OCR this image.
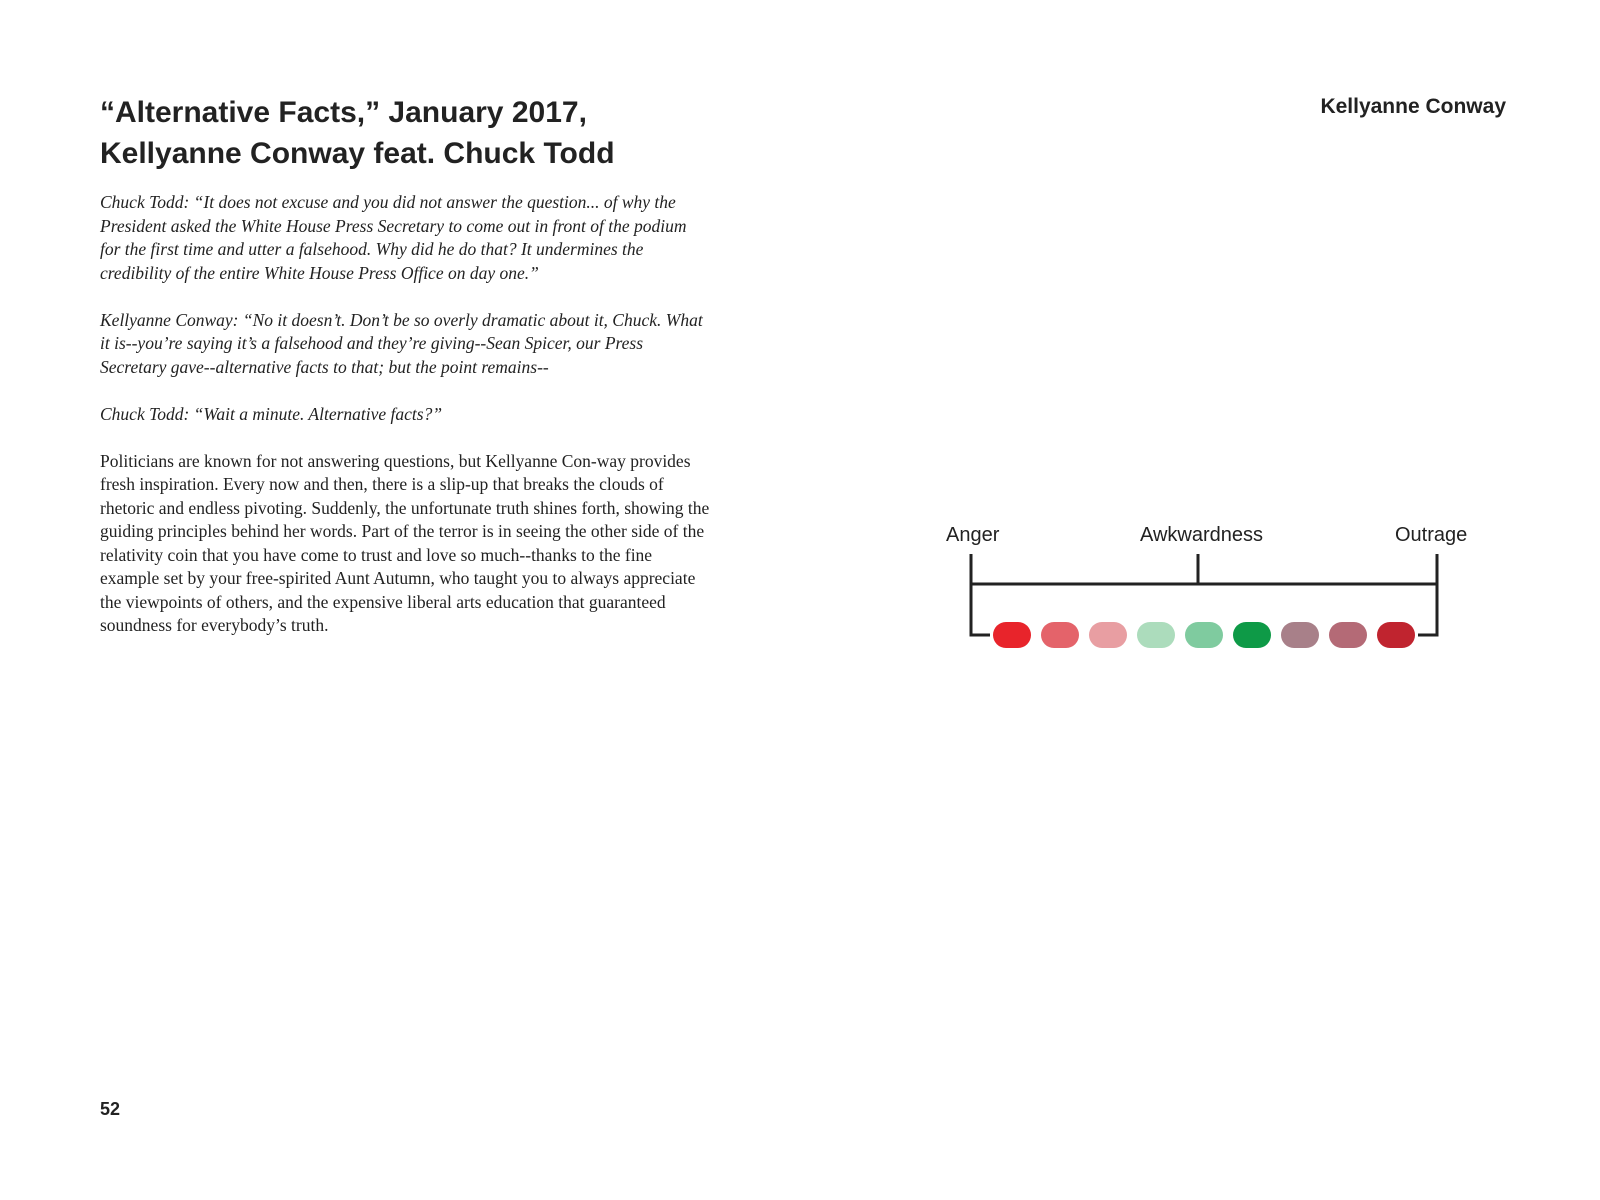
“Alternative Facts,” January 2017,
Kellyanne Conway feat. Chuck Todd
Kellyanne Conway

Chuck Todd: “It does not excuse and you did not answer the question... of why the President asked the White House Press Secretary to come out in front of the podium for the first time and utter a falsehood. Why did he do that? It undermines the credibility of the entire White House Press Office on day one.”

Kellyanne Conway: “No it doesn’t. Don’t be so overly dramatic about it, Chuck. What it is--you’re saying it’s a falsehood and they’re giving--Sean Spicer, our Press Secretary gave--alternative facts to that; but the point remains--

Chuck Todd: “Wait a minute. Alternative facts?”

Politicians are known for not answering questions, but Kellyanne Con-way provides fresh inspiration. Every now and then, there is a slip-up that breaks the clouds of rhetoric and endless pivoting. Suddenly, the unfortunate truth shines forth, showing the guiding principles behind her words. Part of the terror is in seeing the other side of the relativity coin that you have come to trust and love so much--thanks to the fine example set by your free-spirited Aunt Autumn, who taught you to always appreciate the viewpoints of others, and the expensive liberal arts education that guaranteed soundness for everybody’s truth.

Anger	Awkwardness	Outrage
52
